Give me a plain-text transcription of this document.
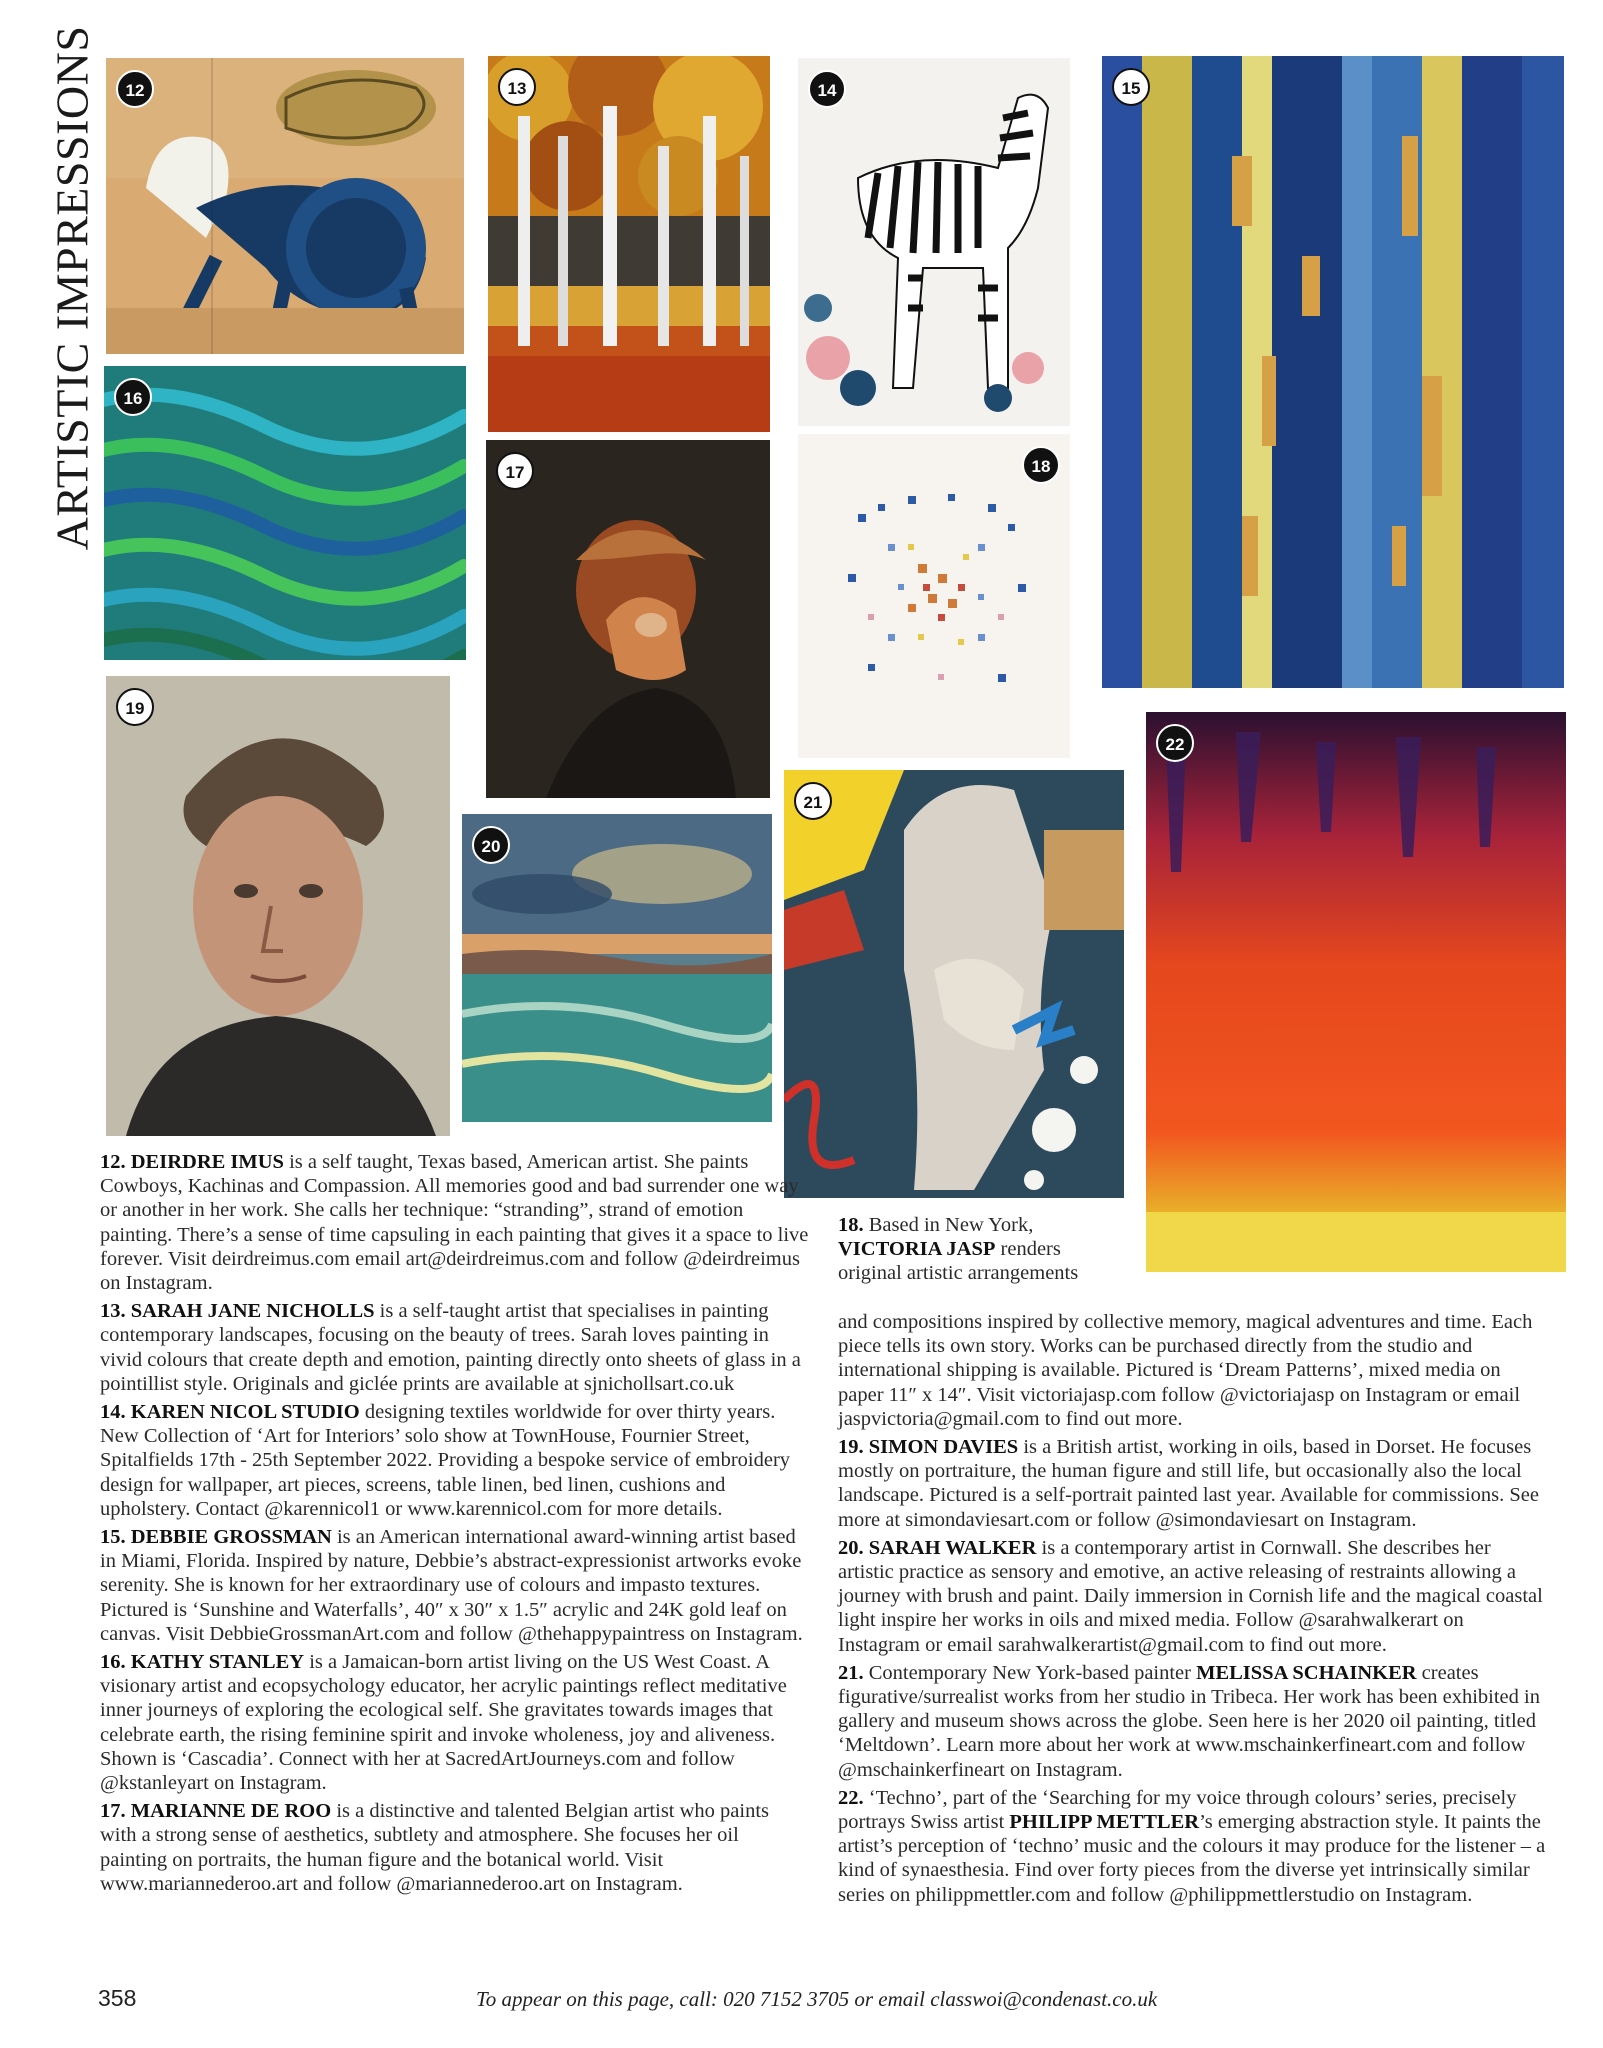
ARTISTIC IMPRESSIONS	12	13	14	15
16
17	18
19
20
21
22

12. DEIRDRE IMUS is a self taught, Texas based, American artist. She paints Cowboys, Kachinas and Compassion. All memories good and bad surrender one way or another in her work. She calls her technique: “stranding”, strand of emotion painting. There’s a sense of time capsuling in each painting that gives it a space to live forever. Visit deirdreimus.com email art@deirdreimus.com and follow @deirdreimus on Instagram.

13. SARAH JANE NICHOLLS is a self-taught artist that specialises in painting contemporary landscapes, focusing on the beauty of trees. Sarah loves painting in vivid colours that create depth and emotion, painting directly onto sheets of glass in a pointillist style. Originals and giclée prints are available at sjnichollsart.co.uk

14. KAREN NICOL STUDIO designing textiles worldwide for over thirty years. New Collection of ‘Art for Interiors’ solo show at TownHouse, Fournier Street, Spitalfields 17th - 25th September 2022. Providing a bespoke service of embroidery design for wallpaper, art pieces, screens, table linen, bed linen, cushions and upholstery. Contact @karennicol1 or www.karennicol.com for more details.

15. DEBBIE GROSSMAN is an American international award-winning artist based in Miami, Florida. Inspired by nature, Debbie’s abstract-expressionist artworks evoke serenity. She is known for her extraordinary use of colours and impasto textures. Pictured is ‘Sunshine and Waterfalls’, 40″ x 30″ x 1.5″ acrylic and 24K gold leaf on canvas. Visit DebbieGrossmanArt.com and follow @thehappypaintress on Instagram.

16. KATHY STANLEY is a Jamaican-born artist living on the US West Coast. A visionary artist and ecopsychology educator, her acrylic paintings reflect meditative inner journeys of exploring the ecological self. She gravitates towards images that celebrate earth, the rising feminine spirit and invoke wholeness, joy and aliveness. Shown is ‘Cascadia’. Connect with her at SacredArtJourneys.com and follow @kstanleyart on Instagram.

17. MARIANNE DE ROO is a distinctive and talented Belgian artist who paints with a strong sense of aesthetics, subtlety and atmosphere. She focuses her oil painting on portraits, the human figure and the botanical world. Visit www.mariannederoo.art and follow @mariannederoo.art on Instagram.

18. Based in New York, VICTORIA JASP renders original artistic arrangements

and compositions inspired by collective memory, magical adventures and time. Each piece tells its own story. Works can be purchased directly from the studio and international shipping is available. Pictured is ‘Dream Patterns’, mixed media on paper 11″ x 14″. Visit victoriajasp.com follow @victoriajasp on Instagram or email jaspvictoria@gmail.com to find out more.

19. SIMON DAVIES is a British artist, working in oils, based in Dorset. He focuses mostly on portraiture, the human figure and still life, but occasionally also the local landscape. Pictured is a self-portrait painted last year. Available for commissions. See more at simondaviesart.com or follow @simondaviesart on Instagram.

20. SARAH WALKER is a contemporary artist in Cornwall. She describes her artistic practice as sensory and emotive, an active releasing of restraints allowing a journey with brush and paint. Daily immersion in Cornish life and the magical coastal light inspire her works in oils and mixed media. Follow @sarahwalkerart on Instagram or email sarahwalkerartist@gmail.com to find out more.

21. Contemporary New York-based painter MELISSA SCHAINKER creates figurative/surrealist works from her studio in Tribeca. Her work has been exhibited in gallery and museum shows across the globe. Seen here is her 2020 oil painting, titled ‘Meltdown’. Learn more about her work at www.mschainkerfineart.com and follow @mschainkerfineart on Instagram.

22. ‘Techno’, part of the ‘Searching for my voice through colours’ series, precisely portrays Swiss artist PHILIPP METTLER’s emerging abstraction style. It paints the artist’s perception of ‘techno’ music and the colours it may produce for the listener – a kind of synaesthesia. Find over forty pieces from the diverse yet intrinsically similar series on philippmettler.com and follow @philippmettlerstudio on Instagram.

358	To appear on this page, call: 020 7152 3705 or email classwoi@condenast.co.uk
